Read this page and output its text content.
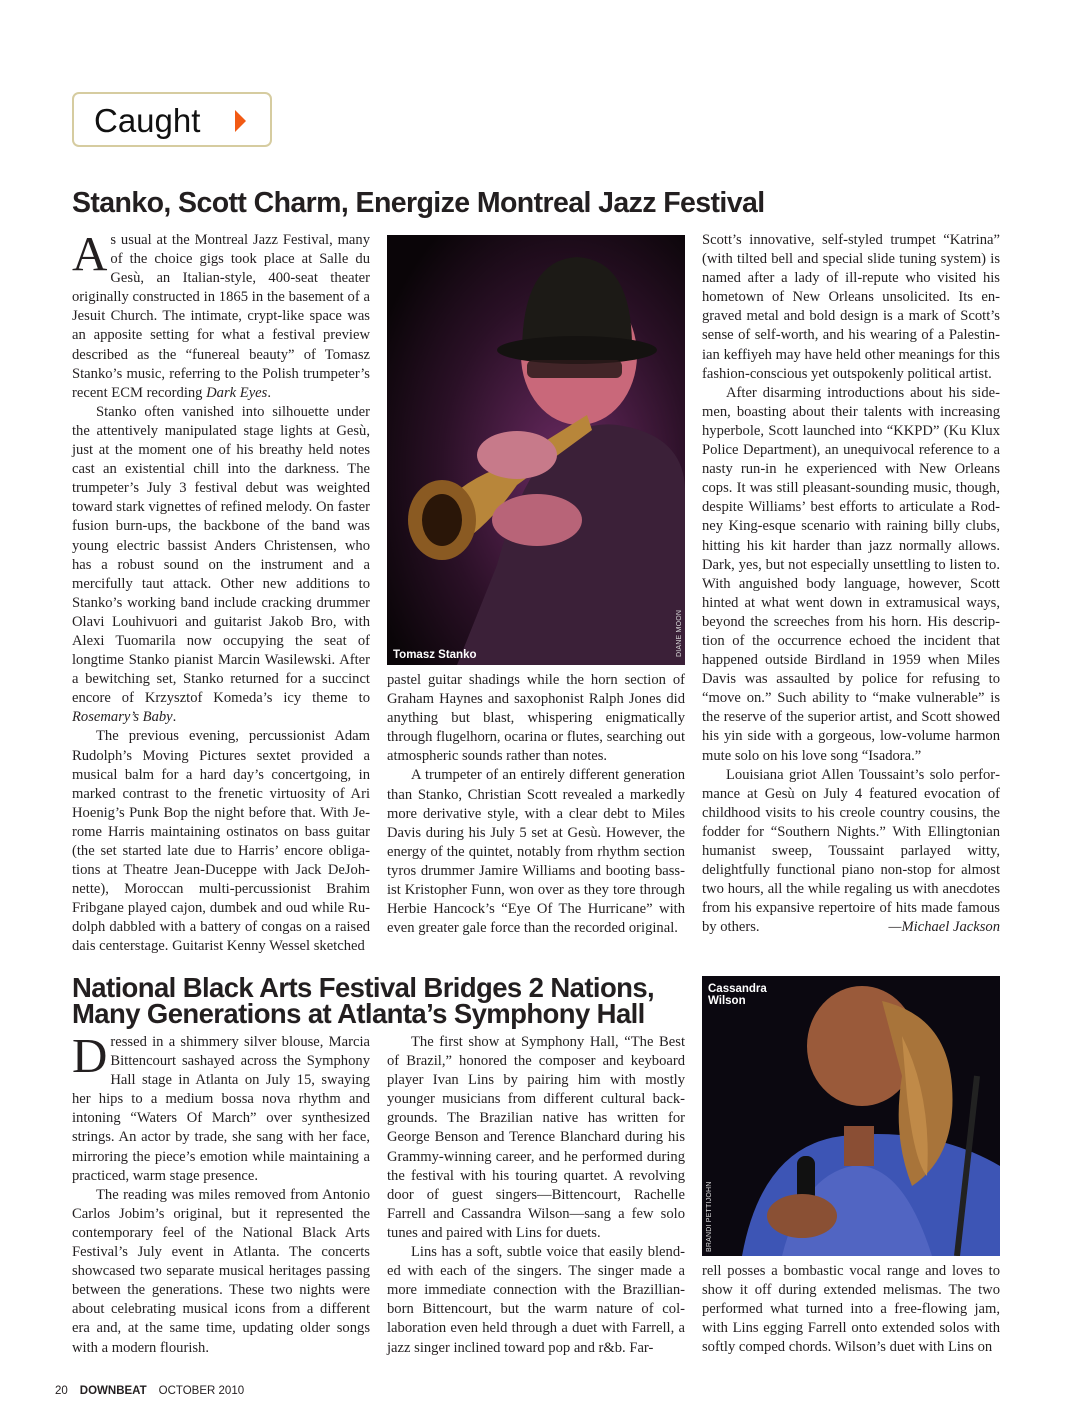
Caught
Stanko, Scott Charm, Energize Montreal Jazz Festival

As usual at the Montreal Jazz Festival, many of the choice gigs took place at Salle du Gesù, an Italian-style, 400-seat theater originally constructed in 1865 in the basement of a Jesuit Church. The intimate, crypt-like space was an apposite setting for what a festival preview described as the “funereal beauty” of Tomasz Stanko’s music, referring to the Polish trumpeter’s recent ECM recording Dark Eyes.

Stanko often vanished into silhouette under the attentively manipulated stage lights at Gesù, just at the moment one of his breathy held notes cast an existential chill into the darkness. The trumpeter’s July 3 festival debut was weighted toward stark vignettes of refined melody. On faster fusion burn-ups, the backbone of the band was young electric bassist Anders Christensen, who has a robust sound on the instrument and a mercifully taut attack. Other new additions to Stanko’s working band include cracking drummer Olavi Louhivuori and guitarist Jakob Bro, with Alexi Tuomarila now occupying the seat of longtime Stanko pianist Marcin Wasilewski. After a bewitching set, Stanko returned for a succinct encore of Krzysztof Komeda’s icy theme to Rosemary’s Baby.

The previous evening, percussionist Adam Rudolph’s Moving Pictures sextet provided a musical balm for a hard day’s concertgoing, in marked contrast to the frenetic virtuosity of Ari Hoenig’s Punk Bop the night before that. With Jerome Harris maintaining ostinatos on bass guitar (the set started late due to Harris’ encore obligations at Theatre Jean-Duceppe with Jack DeJohnette), Moroccan multi-percussionist Brahim Fribgane played cajon, dumbek and oud while Rudolph dabbled with a battery of congas on a raised dais centerstage. Guitarist Kenny Wessel sketched

Tomasz Stanko	DIANE MOON

pastel guitar shadings while the horn section of Graham Haynes and saxophonist Ralph Jones did anything but blast, whispering enigmatically through flugelhorn, ocarina or flutes, searching out atmospheric sounds rather than notes.

A trumpeter of an entirely different generation than Stanko, Christian Scott revealed a markedly more derivative style, with a clear debt to Miles Davis during his July 5 set at Gesù. However, the energy of the quintet, notably from rhythm section tyros drummer Jamire Williams and booting bassist Kristopher Funn, won over as they tore through Herbie Hancock’s “Eye Of The Hurricane” with even greater gale force than the recorded original.

Scott’s innovative, self-styled trumpet “Katrina” (with tilted bell and special slide tuning system) is named after a lady of ill-repute who visited his hometown of New Orleans unsolicited. Its engraved metal and bold design is a mark of Scott’s sense of self-worth, and his wearing of a Palestinian keffiyeh may have held other meanings for this fashion-conscious yet outspokenly political artist.

After disarming introductions about his sidemen, boasting about their talents with increasing hyperbole, Scott launched into “KKPD” (Ku Klux Police Department), an unequivocal reference to a nasty run-in he experienced with New Orleans cops. It was still pleasant-sounding music, though, despite Williams’ best efforts to articulate a Rodney King-esque scenario with raining billy clubs, hitting his kit harder than jazz normally allows. Dark, yes, but not especially unsettling to listen to. With anguished body language, however, Scott hinted at what went down in extramusical ways, beyond the screeches from his horn. His description of the occurrence echoed the incident that happened outside Birdland in 1959 when Miles Davis was assaulted by police for refusing to “move on.” Such ability to “make vulnerable” is the reserve of the superior artist, and Scott showed his yin side with a gorgeous, low-volume harmon mute solo on his love song “Isadora.”

Louisiana griot Allen Toussaint’s solo performance at Gesù on July 4 featured evocation of childhood visits to his creole country cousins, the fodder for “Southern Nights.” With Ellingtonian humanist sweep, Toussaint parlayed witty, delightfully functional piano non-stop for almost two hours, all the while regaling us with anecdotes from his expansive repertoire of hits made famous by others.	—Michael Jackson

National Black Arts Festival Bridges 2 Nations,
Many Generations at Atlanta’s Symphony Hall

Dressed in a shimmery silver blouse, Marcia Bittencourt sashayed across the Symphony Hall stage in Atlanta on July 15, swaying her hips to a medium bossa nova rhythm and intoning “Waters Of March” over synthesized strings. An actor by trade, she sang with her face, mirroring the piece’s emotion while maintaining a practiced, warm stage presence.

The reading was miles removed from Antonio Carlos Jobim’s original, but it represented the contemporary feel of the National Black Arts Festival’s July event in Atlanta. The concerts showcased two separate musical heritages passing between the generations. These two nights were about celebrating musical icons from a different era and, at the same time, updating older songs with a modern flourish.

The first show at Symphony Hall, “The Best of Brazil,” honored the composer and keyboard player Ivan Lins by pairing him with mostly younger musicians from different cultural backgrounds. The Brazilian native has written for George Benson and Terence Blanchard during his Grammy-winning career, and he performed during the festival with his touring quartet. A revolving door of guest singers—Bittencourt, Rachelle Farrell and Cassandra Wilson—sang a few solo tunes and paired with Lins for duets.

Lins has a soft, subtle voice that easily blended with each of the singers. The singer made a more immediate connection with the Brazillian-born Bittencourt, but the warm nature of collaboration even held through a duet with Farrell, a jazz singer inclined toward pop and r&b. Far-

Cassandra
Wilson
BRANDI PETTIJOHN

rell posses a bombastic vocal range and loves to show it off during extended melismas. The two performed what turned into a free-flowing jam, with Lins egging Farrell onto extended solos with softly comped chords. Wilson’s duet with Lins on

20 DOWNBEAT OCTOBER 2010
